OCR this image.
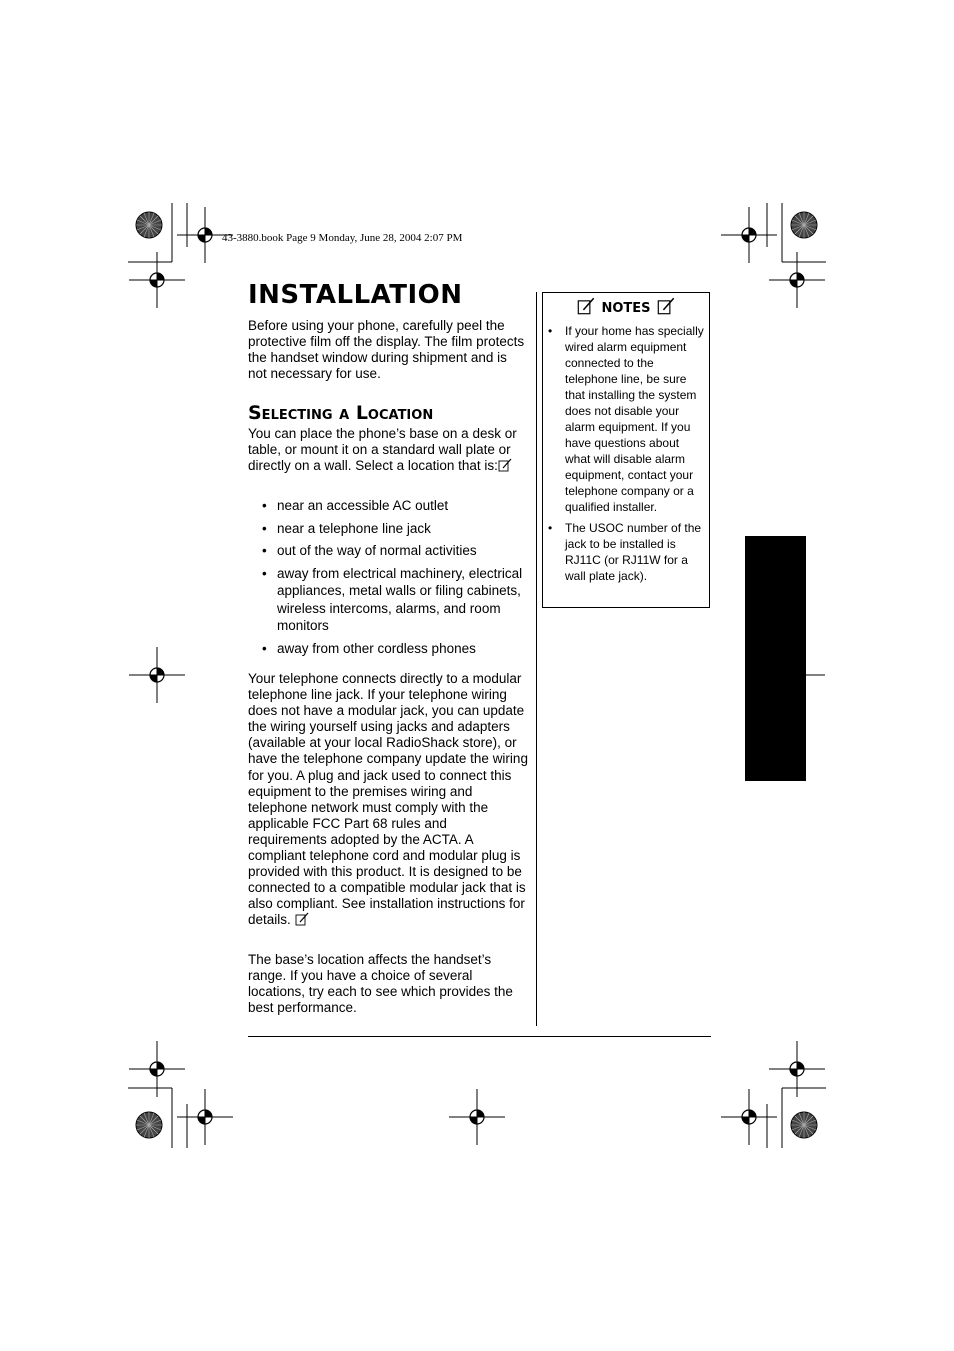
43-3880.book Page 9 Monday, June 28, 2004 2:07 PM
INSTALLATION

Before using your phone, carefully peel the protective film off the display. The film protects the handset window during shipment and is not necessary for use.

Selecting a Location

You can place the phone’s base on a desk or table, or mount it on a standard wall plate or directly on a wall. Select a location that is:

• near an accessible AC outlet
• near a telephone line jack
• out of the way of normal activities
• away from electrical machinery, electrical appliances, metal walls or filing cabinets, wireless intercoms, alarms, and room monitors
• away from other cordless phones

Your telephone connects directly to a modular telephone line jack. If your telephone wiring does not have a modular jack, you can update the wiring yourself using jacks and adapters (available at your local RadioShack store), or have the telephone company update the wiring for you. A plug and jack used to connect this equipment to the premises wiring and telephone network must comply with the applicable FCC Part 68 rules and requirements adopted by the ACTA. A compliant telephone cord and modular plug is provided with this product. It is designed to be connected to a compatible modular jack that is also compliant. See installation instructions for details.

The base’s location affects the handset’s range. If you have a choice of several locations, try each to see which provides the best performance.

NOTES
• If your home has specially wired alarm equipment connected to the telephone line, be sure that installing the system does not disable your alarm equipment. If you have questions about what will disable alarm equipment, contact your telephone company or a qualified installer.
• The USOC number of the jack to be installed is RJ11C (or RJ11W for a wall plate jack).
